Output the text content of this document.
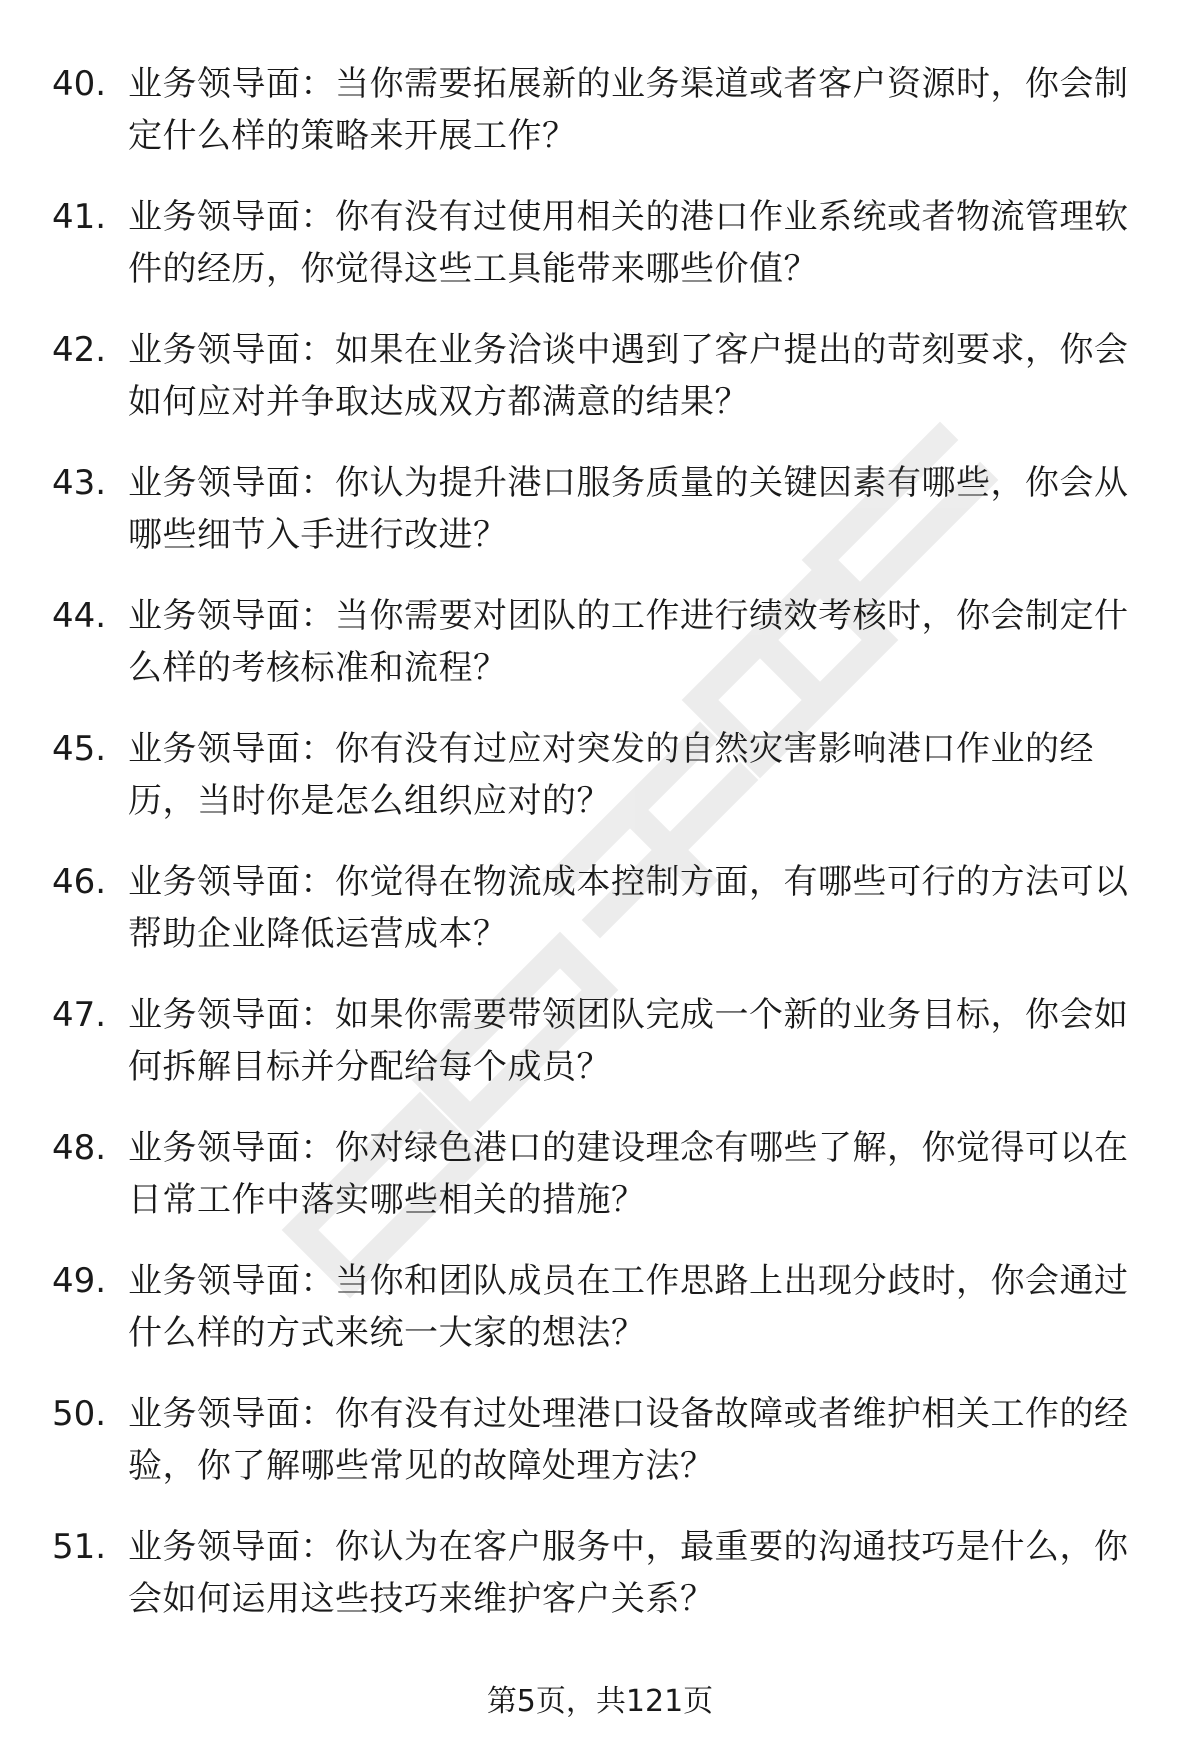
40. 业务领导面：当你需要拓展新的业务渠道或者客户资源时，你会制定什么样的策略来开展工作？
41. 业务领导面：你有没有过使用相关的港口作业系统或者物流管理软件的经历，你觉得这些工具能带来哪些价值？
42. 业务领导面：如果在业务洽谈中遇到了客户提出的苛刻要求，你会如何应对并争取达成双方都满意的结果？
43. 业务领导面：你认为提升港口服务质量的关键因素有哪些，你会从哪些细节入手进行改进？
44. 业务领导面：当你需要对团队的工作进行绩效考核时，你会制定什么样的考核标准和流程？
45. 业务领导面：你有没有过应对突发的自然灾害影响港口作业的经历，当时你是怎么组织应对的？
46. 业务领导面：你觉得在物流成本控制方面，有哪些可行的方法可以帮助企业降低运营成本？
47. 业务领导面：如果你需要带领团队完成一个新的业务目标，你会如何拆解目标并分配给每个成员？
48. 业务领导面：你对绿色港口的建设理念有哪些了解，你觉得可以在日常工作中落实哪些相关的措施？
49. 业务领导面：当你和团队成员在工作思路上出现分歧时，你会通过什么样的方式来统一大家的想法？
50. 业务领导面：你有没有过处理港口设备故障或者维护相关工作的经验，你了解哪些常见的故障处理方法？
51. 业务领导面：你认为在客户服务中，最重要的沟通技巧是什么，你会如何运用这些技巧来维护客户关系？
第5页，共121页
